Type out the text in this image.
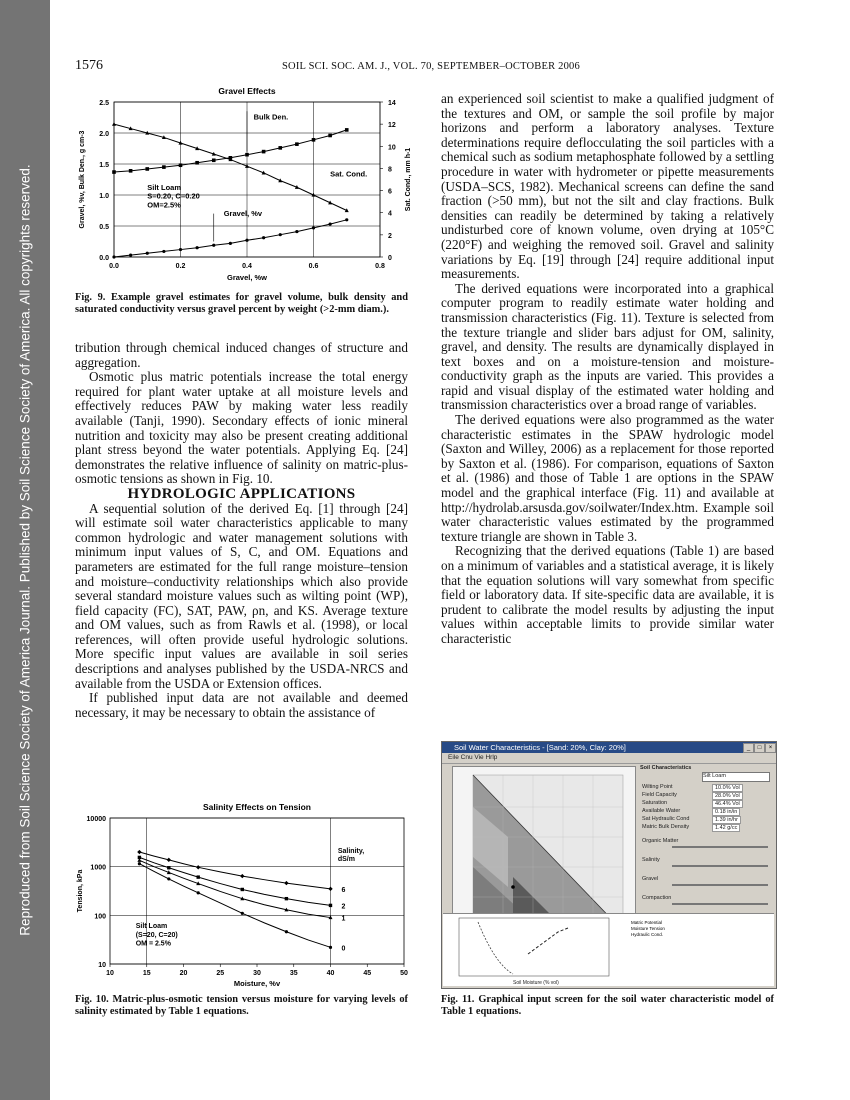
Reproduced from Soil Science Society of America Journal. Published by Soil Science Society of America. All copyrights reserved.
1576	SOIL SCI. SOC. AM. J., VOL. 70, SEPTEMBER–OCTOBER 2006
Gravel Effects
0.0
0.5
1.0
1.5
2.0
2.5
0
2
4
6
8
10
12
14
0.0	0.2	0.4	0.6	0.8
Gravel, %w
Gravel, %v, Bulk Den., g cm-3	Sat. Cond., mm h-1
Bulk Den.
Sat. Cond.
Silt Loam
S=0.20, C=0.20
OM=2.5%
Gravel, %v
Fig. 9. Example gravel estimates for gravel volume, bulk density and saturated conductivity versus gravel percent by weight (>2-mm diam.).

tribution through chemical induced changes of structure and aggregation.

Osmotic plus matric potentials increase the total energy required for plant water uptake at all moisture levels and effectively reduces PAW by making water less readily available (Tanji, 1990). Secondary effects of ionic mineral nutrition and toxicity may also be present creating additional plant stress beyond the water potentials. Applying Eq. [24] demonstrates the relative influence of salinity on matric-plus-osmotic tensions as shown in Fig. 10.

HYDROLOGIC APPLICATIONS

A sequential solution of the derived Eq. [1] through [24] will estimate soil water characteristics applicable to many common hydrologic and water management solutions with minimum input values of S, C, and OM. Equations and parameters are estimated for the full range moisture–tension and moisture–conductivity relationships which also provide several standard moisture values such as wilting point (WP), field capacity (FC), SAT, PAW, ρn, and KS. Average texture and OM values, such as from Rawls et al. (1998), or local references, will often provide useful hydrologic solutions. More specific input values are available in soil series descriptions and analyses published by the USDA-NRCS and available from the USDA or Extension offices.

If published input data are not available and deemed necessary, it may be necessary to obtain the assistance of

Salinity Effects on Tension
10
100
1000
10000
10	15	20	25	30	35	40	45	50
Moisture, %v
Tension, kPa	6
2
1
0
Salinity,
dS/m
Silt Loam
(S=20, C=20)
OM = 2.5%
Fig. 10. Matric-plus-osmotic tension versus moisture for varying levels of salinity estimated by Table 1 equations.

an experienced soil scientist to make a qualified judgment of the textures and OM, or sample the soil profile by major horizons and perform a laboratory analyses. Texture determinations require deflocculating the soil particles with a chemical such as sodium metaphosphate followed by a settling procedure in water with hydrometer or pipette measurements (USDA–SCS, 1982). Mechanical screens can define the sand fraction (>50 mm), but not the silt and clay fractions. Bulk densities can readily be determined by taking a relatively undisturbed core of known volume, oven drying at 105°C (220°F) and weighing the removed soil. Gravel and salinity variations by Eq. [19] through [24] require additional input measurements.

The derived equations were incorporated into a graphical computer program to readily estimate water holding and transmission characteristics (Fig. 11). Texture is selected from the texture triangle and slider bars adjust for OM, salinity, gravel, and density. The results are dynamically displayed in text boxes and on a moisture-tension and moisture-conductivity graph as the inputs are varied. This provides a rapid and visual display of the estimated water holding and transmission characteristics over a broad range of variables.

The derived equations were also programmed as the water characteristic estimates in the SPAW hydrologic model (Saxton and Willey, 2006) as a replacement for those reported by Saxton et al. (1986). For comparison, equations of Saxton et al. (1986) and those of Table 1 are options in the SPAW model and the graphical interface (Fig. 11) and available at http://hydrolab.arsusda.gov/soilwater/Index.htm. Example soil water characteristic values estimated by the programmed texture triangle are shown in Table 3.

Recognizing that the derived equations (Table 1) are based on a minimum of variables and a statistical average, it is likely that the equation solutions will vary somewhat from specific field or laboratory data. If site-specific data are available, it is prudent to calibrate the model results by adjusting the input values within acceptable limits to provide similar water characteristic

Soil Water Characteristics - [Sand: 20%, Clay: 20%]	_	□	×
Eile Cnu Vie Hrlp
Soil Characteristics
Silt Loam
Wilting Point	10.0% Vol
Field Capacity	28.0% Vol
Saturation	46.4% Vol
Available Water	0.18 in/in
Sat Hydraulic Cond	1.39 in/hr
Matric Bulk Density	1.42 g/cc
Organic Matter
Salinity
Gravel
Compaction
Soil Moisture (% vol)
Matric Potential
Moisture Tension
Hydraulic Cond.
Fig. 11. Graphical input screen for the soil water characteristic model of Table 1 equations.
